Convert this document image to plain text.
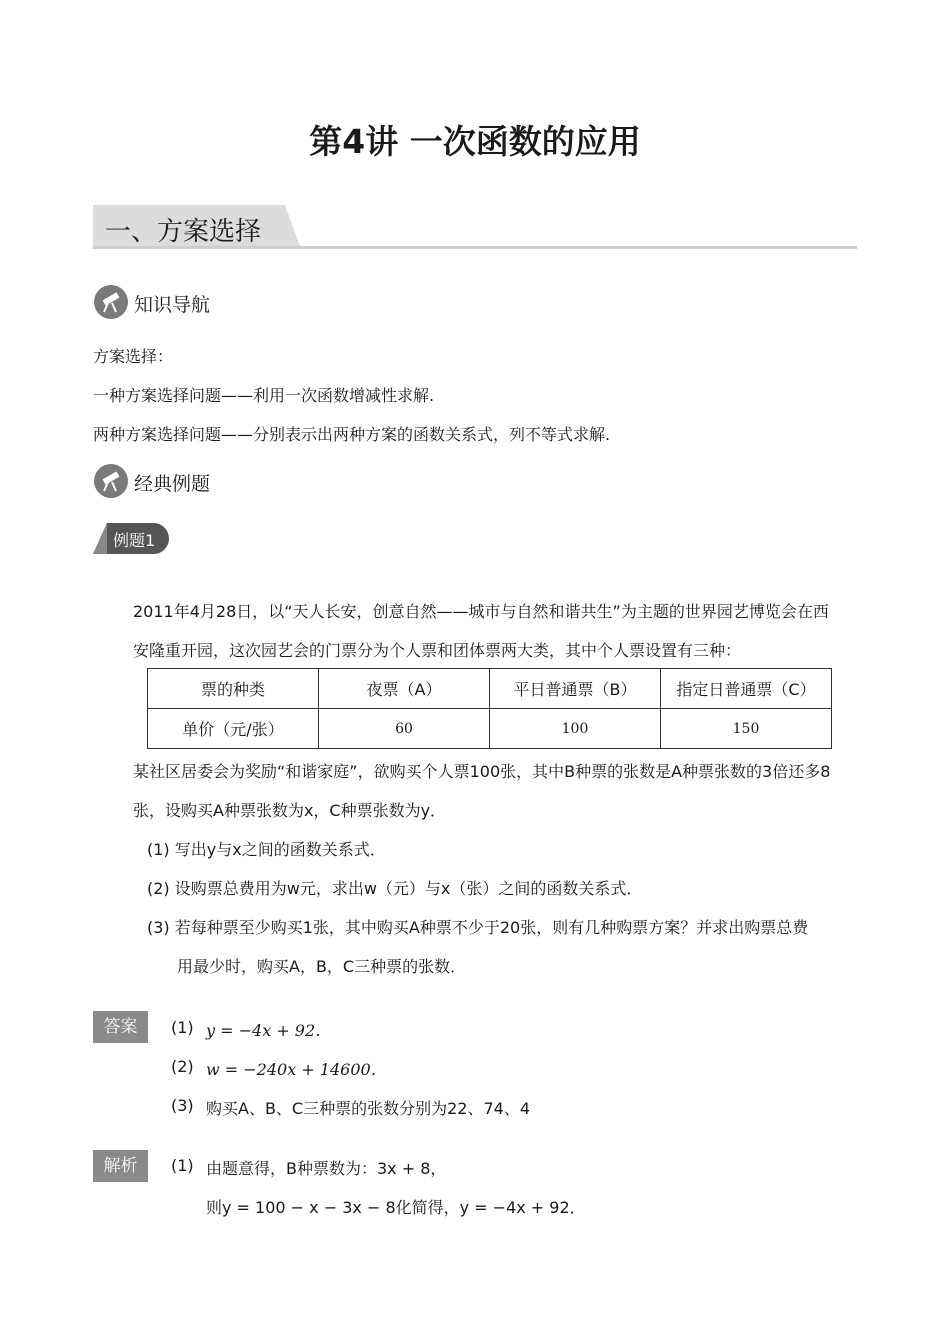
第4讲 一次函数的应用
一、方案选择
知识导航
方案选择：
一种方案选择问题——利用一次函数增减性求解.
两种方案选择问题——分别表示出两种方案的函数关系式，列不等式求解.
经典例题
例题1
2011年4月28日，以“天人长安，创意自然——城市与自然和谐共生”为主题的世界园艺博览会在西
安隆重开园，这次园艺会的门票分为个人票和团体票两大类，其中个人票设置有三种：
票的种类	夜票（A）	平日普通票（B）	指定日普通票（C）
单价（元/张）	60	100	150
某社区居委会为奖励“和谐家庭”，欲购买个人票100张，其中B种票的张数是A种票张数的3倍还多8
张，设购买A种票张数为x，C种票张数为y．
(1) 写出y与x之间的函数关系式．
(2) 设购票总费用为w元，求出w（元）与x（张）之间的函数关系式．
(3) 若每种票至少购买1张，其中购买A种票不少于20张，则有几种购票方案？并求出购票总费
用最少时，购买A，B，C三种票的张数．
答案	(1) y = −4x + 92．
(2) w = −240x + 14600．
(3) 购买A、B、C三种票的张数分别为22、74、4
解析	(1) 由题意得，B种票数为：3x + 8，
则y = 100 − x − 3x − 8化简得，y = −4x + 92．
